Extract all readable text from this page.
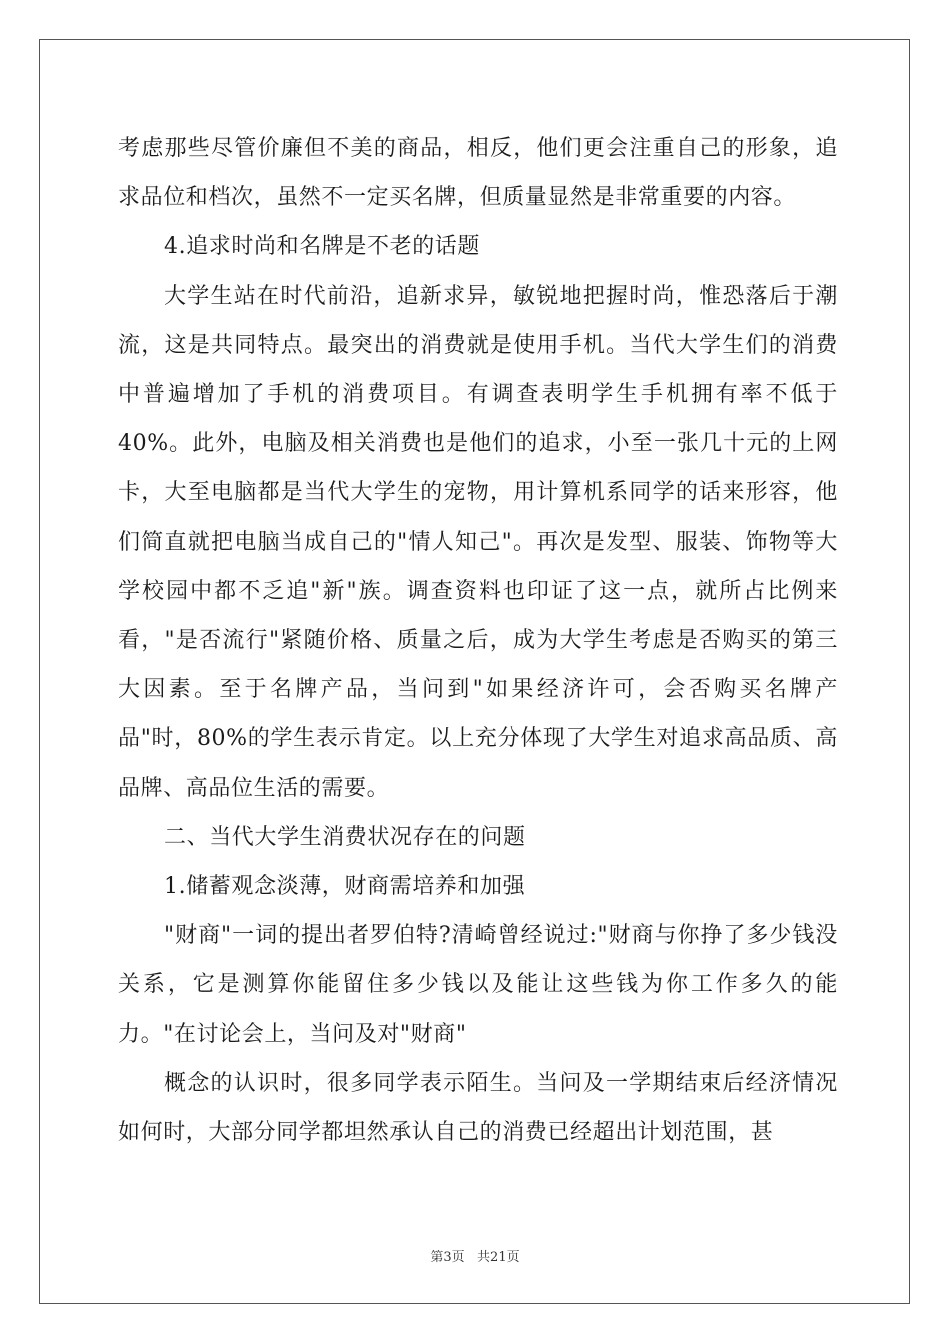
考虑那些尽管价廉但不美的商品，相反，他们更会注重自己的形象，追求品位和档次，虽然不一定买名牌，但质量显然是非常重要的内容。

4.追求时尚和名牌是不老的话题

大学生站在时代前沿，追新求异，敏锐地把握时尚，惟恐落后于潮流，这是共同特点。最突出的消费就是使用手机。当代大学生们的消费中普遍增加了手机的消费项目。有调查表明学生手机拥有率不低于40%。此外，电脑及相关消费也是他们的追求，小至一张几十元的上网卡，大至电脑都是当代大学生的宠物，用计算机系同学的话来形容，他们简直就把电脑当成自己的"情人知己"。再次是发型、服装、饰物等大学校园中都不乏追"新"族。调查资料也印证了这一点，就所占比例来看，"是否流行"紧随价格、质量之后，成为大学生考虑是否购买的第三大因素。至于名牌产品，当问到"如果经济许可，会否购买名牌产品"时，80%的学生表示肯定。以上充分体现了大学生对追求高品质、高品牌、高品位生活的需要。

二、当代大学生消费状况存在的问题

1.储蓄观念淡薄，财商需培养和加强

"财商"一词的提出者罗伯特?清崎曾经说过:"财商与你挣了多少钱没关系，它是测算你能留住多少钱以及能让这些钱为你工作多久的能力。"在讨论会上，当问及对"财商"

概念的认识时，很多同学表示陌生。当问及一学期结束后经济情况如何时，大部分同学都坦然承认自己的消费已经超出计划范围，甚

第3页   共21页
